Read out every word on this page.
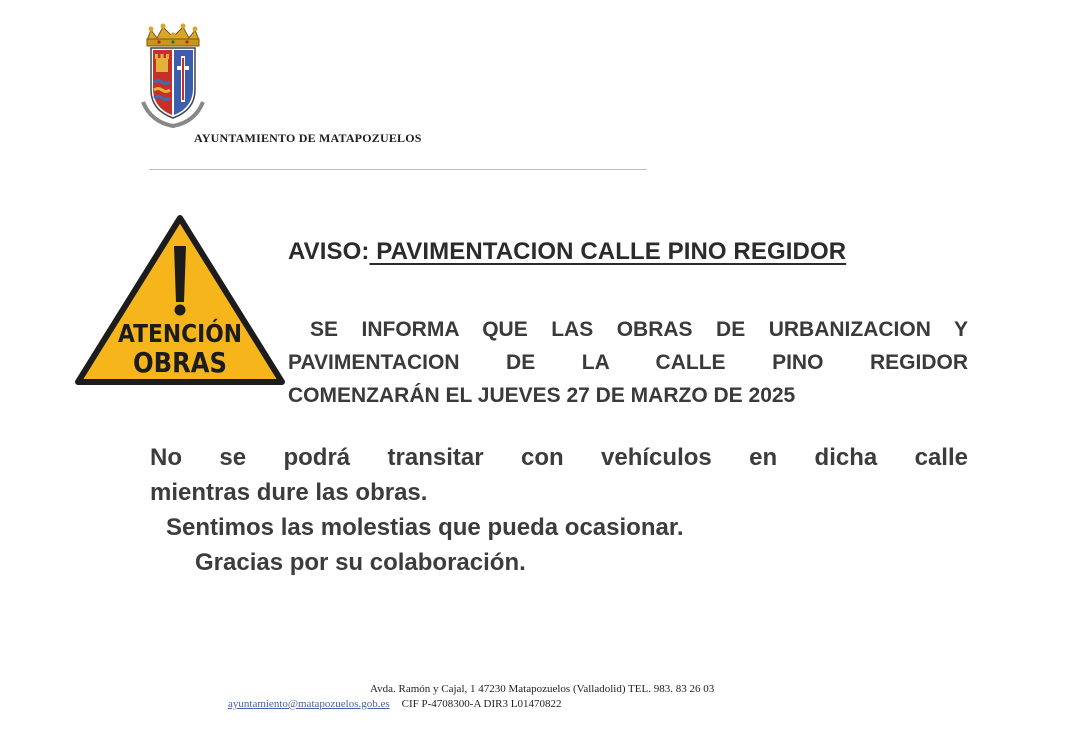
AYUNTAMIENTO DE MATAPOZUELOS
ATENCIÓN
OBRAS
AVISO: PAVIMENTACION CALLE PINO REGIDOR
SE INFORMA QUE LAS OBRAS DE URBANIZACION Y
PAVIMENTACION DE LA CALLE PINO REGIDOR
COMENZARÁN EL JUEVES 27 DE MARZO DE 2025
No se podrá transitar con vehículos en dicha calle
mientras dure las obras.
Sentimos las molestias que pueda ocasionar.
Gracias por su colaboración.
Avda. Ramón y Cajal, 1 47230 Matapozuelos (Valladolid) TEL. 983. 83 26 03
ayuntamiento@matapozuelos.gob.es CIF P-4708300-A DIR3 L01470822
